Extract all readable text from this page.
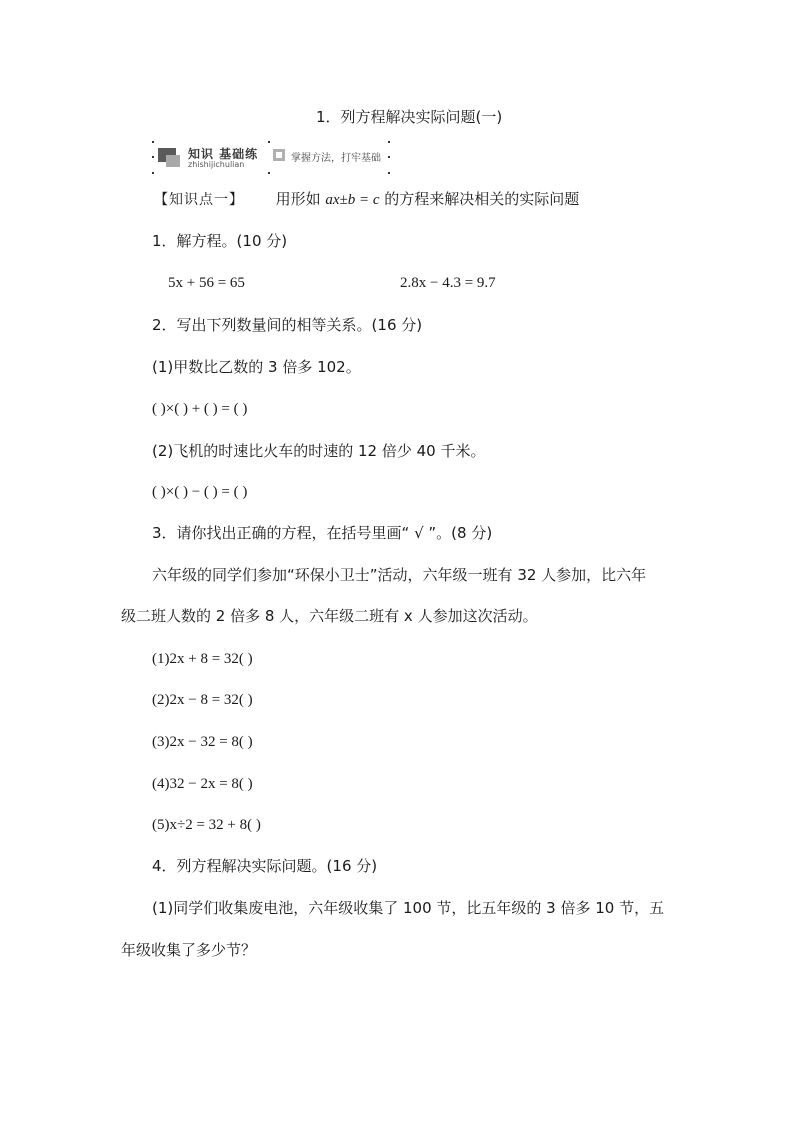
1．列方程解决实际问题(一)
知识 基础练
zhishijichulian
掌握方法，打牢基础
【知识点一】 用形如 ax±b = c 的方程来解决相关的实际问题
1．解方程。(10 分)
5x + 56 = 65	2.8x − 4.3 = 9.7
2．写出下列数量间的相等关系。(16 分)
(1)甲数比乙数的 3 倍多 102。
( )×( ) + ( ) = ( )
(2)飞机的时速比火车的时速的 12 倍少 40 千米。
( )×( ) − ( ) = ( )
3．请你找出正确的方程，在括号里画“ √ ”。(8 分)
六年级的同学们参加“环保小卫士”活动，六年级一班有 32 人参加，比六年
级二班人数的 2 倍多 8 人，六年级二班有 x 人参加这次活动。
(1)2x + 8 = 32( )
(2)2x − 8 = 32( )
(3)2x − 32 = 8( )
(4)32 − 2x = 8( )
(5)x÷2 = 32 + 8( )
4．列方程解决实际问题。(16 分)
(1)同学们收集废电池，六年级收集了 100 节，比五年级的 3 倍多 10 节，五
年级收集了多少节？
